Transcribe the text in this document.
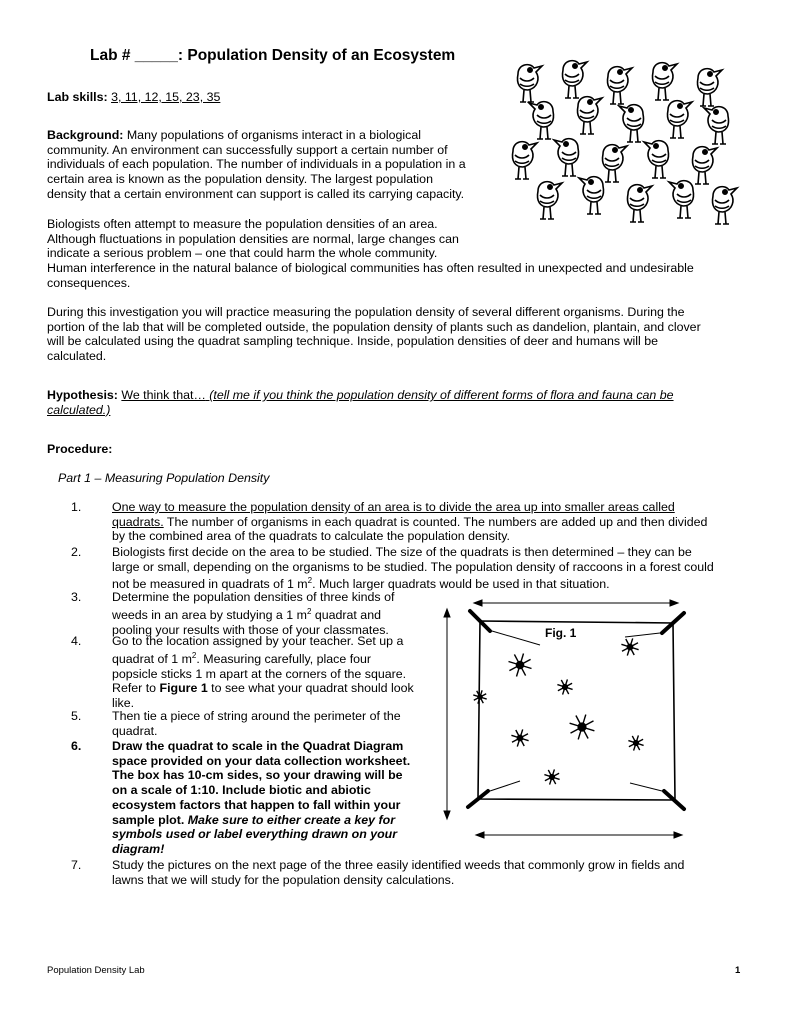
Lab # _____: Population Density of an Ecosystem

Lab skills: 3, 11, 12, 15, 23, 35

Background: Many populations of organisms interact in a biological

community. An environment can successfully support a certain number of

individuals of each population. The number of individuals in a population in a

certain area is known as the population density. The largest population

density that a certain environment can support is called its carrying capacity.

Biologists often attempt to measure the population densities of an area.

Although fluctuations in population densities are normal, large changes can

indicate a serious problem – one that could harm the whole community.

Human interference in the natural balance of biological communities has often resulted in unexpected and undesirable

consequences.

During this investigation you will practice measuring the population density of several different organisms. During the

portion of the lab that will be completed outside, the population density of plants such as dandelion, plantain, and clover

will be calculated using the quadrat sampling technique. Inside, population densities of deer and humans will be

calculated.

Hypothesis: We think that… (tell me if you think the population density of different forms of flora and fauna can be

calculated.)

Procedure:

Part 1 – Measuring Population Density

1.	One way to measure the population density of an area is to divide the area up into smaller areas called

quadrats. The number of organisms in each quadrat is counted. The numbers are added up and then divided

by the combined area of the quadrats to calculate the population density.

2.	Biologists first decide on the area to be studied. The size of the quadrats is then determined – they can be

large or small, depending on the organisms to be studied. The population density of raccoons in a forest could

not be measured in quadrats of 1 $m^2$. Much larger quadrats would be used in that situation.

3.	Determine the population densities of three kinds of

weeds in an area by studying a 1 $m^2$ quadrat and

pooling your results with those of your classmates.

4.	Go to the location assigned by your teacher. Set up a

quadrat of 1 $m^2$. Measuring carefully, place four

popsicle sticks 1 m apart at the corners of the square.

Refer to Figure 1 to see what your quadrat should look

like.

5.	Then tie a piece of string around the perimeter of the

quadrat.

6.	Draw the quadrat to scale in the Quadrat Diagram

space provided on your data collection worksheet.

The box has 10-cm sides, so your drawing will be

on a scale of 1:10. Include biotic and abiotic

ecosystem factors that happen to fall within your

sample plot. Make sure to either create a key for

symbols used or label everything drawn on your

diagram!

7.	Study the pictures on the next page of the three easily identified weeds that commonly grow in fields and

lawns that we will study for the population density calculations.

Fig. 1
Population Density Lab	1
